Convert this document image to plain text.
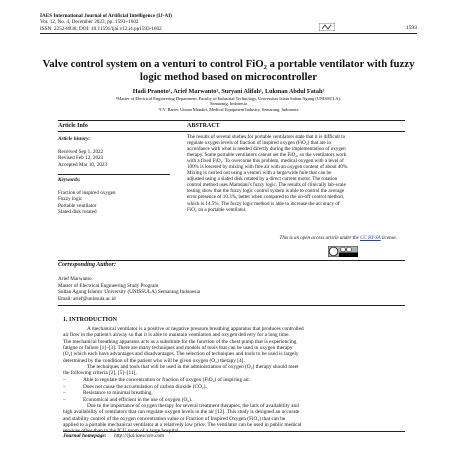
IAES International Journal of Artificial Intelligence (IJ-AI)
Vol. 12, No. 4, December 2023, pp. 1593~1602
ISSN: 2252-8938, DOI: 10.11591/ijai.v12.i4.pp1593-1602	1593
Valve control system on a venturi to control FiO₂ a portable ventilator with fuzzy logic method based on microcontroller
Hadi Pranoto¹, Arief Marwanto¹, Suryani Alifah¹, Lukman Abdul Fatah²
¹Master of Electrical Engineering Department, Faculty of Industrial Technology, Universitas Islam Sultan Agung (UNISSULA),
Semarang, Indonesia
²CV. Bartec Utama Mandiri, Medical Equipment Industry, Semarang, Indonesia
Article Info	ABSTRACT
Article history:
Received Sep 1, 2022
Revised Feb 12, 2023
Accepted Mar 10, 2023
Keywords:
Fraction of inspired oxygen
Fuzzy logic
Portable ventilator
Slated disk rotated
The results of several studies for portable ventilators state that it is difficult to
regulate oxygen levels of fraction of inspired oxygen (FiO₂) that are in
accordance with what is needed directly during the implementation of oxygen
therapy. Some portable ventilators cannot set the FiO₂, so the ventilators work
with a fixed FiO₂. To overcome this problem, medical oxygen with a level of
100% is lowered by mixing with free air with an oxygen content of about 40%.
Mixing is carried out using a venturi with a large/wide hole that can be
adjusted using a slated disk rotated by a direct current motor. The rotation
control method uses Mamdani's fuzzy logic. The results of clinically lab-scale
testing show that the fuzzy logic control system is able to control the average
error presence of 10.3%, better when compared to the on-off control method,
which is 14.5%. The fuzzy logic method is able to increase the accuracy of
FiO₂ on a portable ventilator.
This is an open access article under the CC BY-SA license.
Corresponding Author:
Arief Marwanto
Master of Electrical Engineering Study Program
Sultan Agung Islamic University (UNISSULA) Semarang Indonesia
Email: arief@unissula.ac.id
1. INTRODUCTION
A mechanical ventilator is a positive or negative pressure breathing apparatus that produces controlled
air flow in the patient's airway so that it is able to maintain ventilation and oxygen delivery for a long time.
The mechanical breathing apparatus acts as a substitute for the function of the chest pump that is experiencing
fatigue or failure [1]–[3]. There are many techniques and models of tools that can be used in oxygen therapy
(O₂) which each have advantages and disadvantages. The selection of techniques and tools to be used is largely
determined by the condition of the patient who will be given oxygen (O₂) therapy [4].
The techniques and tools that will be used in the administration of oxygen (O₂) therapy should meet
the following criteria [2], [5]–[11],
–	Able to regulate the concentration or fraction of oxygen (FiO₂) of inspiring air.
–	Does not cause the accumulation of carbon dioxide (CO₂).
–	Resistance to minimal breathing.
–	Economical and efficient in the use of oxygen (O₂).
Due to the importance of oxygen therapy for several treatment therapies, the lack of availability and
high availability of ventilators that can regulate oxygen levels in the air [12]. This study is designed an accurate
and stability control of the oxygen concentration value or Fraction of Inspired Oxygen (FiO₂) that can be
applied to a portable mechanical ventilator at a relatively low price. The ventilator can be used in public medical
services other than in the ICU room of a large hospital.
Journal homepage: http://ijai.iaescore.com
